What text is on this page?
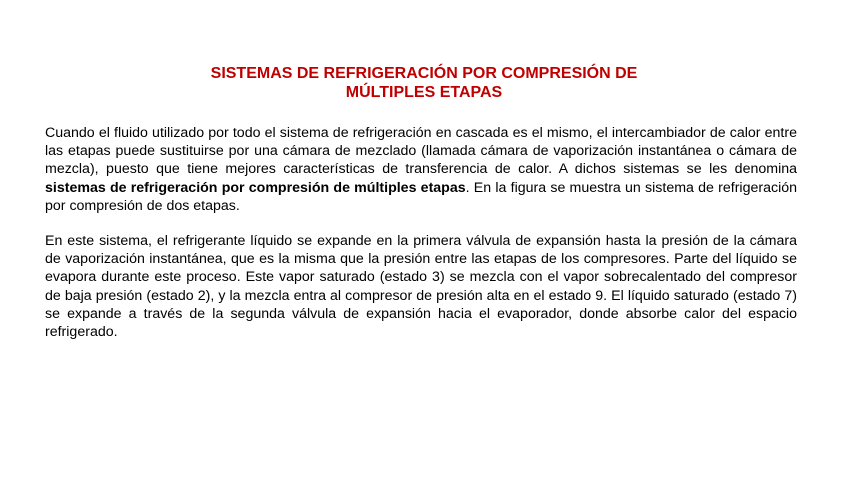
SISTEMAS DE REFRIGERACIÓN POR COMPRESIÓN DE
MÚLTIPLES ETAPAS

Cuando el fluido utilizado por todo el sistema de refrigeración en cascada es el mismo, el intercambiador de calor entre las etapas puede sustituirse por una cámara de mezclado (llamada cámara de vaporización instantánea o cámara de mezcla), puesto que tiene mejores características de transferencia de calor. A dichos sistemas se les denomina sistemas de refrigeración por compresión de múltiples etapas. En la figura se muestra un sistema de refrigeración por compresión de dos etapas.

En este sistema, el refrigerante líquido se expande en la primera válvula de expansión hasta la presión de la cámara de vaporización instantánea, que es la misma que la presión entre las etapas de los compresores. Parte del líquido se evapora durante este proceso. Este vapor saturado (estado 3) se mezcla con el vapor sobrecalentado del compresor de baja presión (estado 2), y la mezcla entra al compresor de presión alta en el estado 9. El líquido saturado (estado 7) se expande a través de la segunda válvula de expansión hacia el evaporador, donde absorbe calor del espacio refrigerado.
